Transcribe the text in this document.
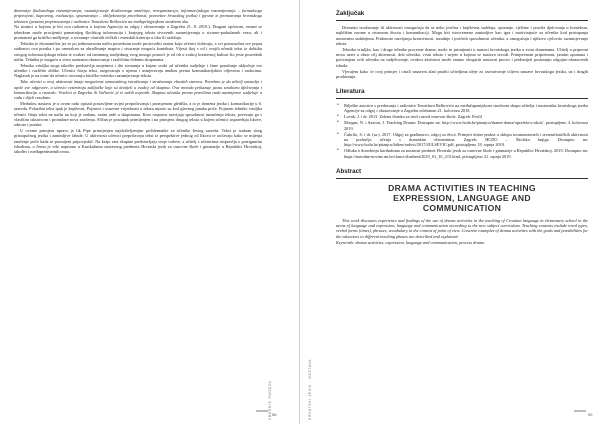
dimenzija (kulturologa razumijevanja; razumijevanje društvenoga značenja, reorganizacija, informacijskoga razumijevanja – formalnoga pripovijesti, kupovnog, evaluacija, spoznavanja – obilježavanja pravilnosti; ponovitve hrvatskog jezika) i pjesme iz promatranja hrvatskoga tekstova (pesama prepoznavanja i radionice Tomislava Reškovića na međupćinjpojkom stražnom oku

Na stranici u kojima je bio ova radionica u kojima Agencija za odgoj i obrazovanje u Zagrebu 21. 8. 2019.). Dragani općinom, oruzni se tehnikom može procijeniti pametnijeg školskog informacija i krajnjeg teksta stvorenih razumijevanja u stvarno-podudarnih vezu, ali i promatrati ga kritičko-mišljenje, a stvaranje vlastitih etičkih i estetskih kriterija u tiku ili sadržaja.

Tehnika je ekonomična jer se po jednostavnim način posrednim može proizvoditi razina koju učenici dobivaju, a svi ponaosobni sve poput sudionici ova poruka i po ometalom za obrađivanje mapira i stvaranje moguća konteksta. Vijesti tkoj s od i svojih učenik tekst iz dobitku strogog informacijskoga teksta te ovakav od iznimnog nasljednog svog mnogo pomoći je od tih u svakoj kreativnoj kulturi što jeste posrednih način. Tehnika je moguća u svim razinama obrazovanja i različitim dobnim skupinama.

Tehnika vrtuljka stoga također predstavlja umjetnost i dio stvaranja u kojem svaki od učenika sudjeluje i čime ponašanje uključuje sve učenike i različite oblike. Učenici čitaju tekst, razgovaraju o njemu i usmjeravaju analizu prema komunikacijskim ciljevima i zadacima. Naglasak je na tome da učenici ostvaruju kritičko-estetsko razumijevanje teksta.

Tako učenici u ovoj aktivnosti imaju mogućnost samostalnog istraživanja i izražavanja vlastitih stavova. Potrebno je da učitelj sastavlja i opiše sve odgovore, a učenici rezimiraju zaključke koje su donijeli u svakoj od skupina. Ova metoda prikazuje jasnu strukturu djelovanja i komunikaciju u razredu: Veselini iz Zagreba ili Vučković je iz nekih uvjetnih. Skupina učenika prema pravilima rada naizmjence sudjeluje u radu i dijeli rezultate.

Medutim, nastavu je u ovom radu opisati postavljene uvjeti prepričavanja i promjenom gledišta, a to je domena jezika i komunikacije u 6. razredu. Polazišni tekst ipak je književni, Pojmovi i osnovne vrijednosti u tekstu mjesto su kod glavnog junaka priče. Pojmom tehnike vrtuljka učenici čitaju tekst na način na koji je zadano, zatim rade u skupinama. Kroz raspravu razvijaju sposobnost tumačenja teksta, povezuju ga s vlastitim iskustvom i pronalaze nova značenja. Sličan je postupak primijenjen i na primjeru drugog teksta u kojem učenici uspoređuju likove, odnose i poruke.

U ovome primjeru upravo je lik Pipe primijenjen najdoživljenijim problematike za učenike šestog razreda. Tekst je izabran zbog pristupačnog jezika i zanimljive fabule. U aktivnosti učenici prepričavaju tekst iz perspektive jednog od likova te uočavaju kako se mijenja značenje priče kada se promijeni pripovjedač. Na kraju sata skupine predstavljaju svoje radove, a učitelj s učenicima raspravlja o postignutim ishodima, o čemu je više napisano u Kurikulumu nastavnog predmeta Hrvatski jezik za osnovne škole i gimnazije u Republici Hrvatskoj, također i međupredmetnih tema.

ZBORNIK RADOVA 58
Zaključak

Dramsko izražavanje ili aktivnosti omogućuju da se neko jezična i književna sadržaja, spoznaje, vještine i pravila djelovanja u kontekstu, najbližim onome u stvarnom životu i komunikaciji. Mogu biti istovremeno zanimljive kao igra i motivirajuće za učenike kod pristupanja nastavnim sadržajima. Pridonose razvijanju kreativnosti, suradnje i jezičnih sposobnosti učenika, a omogućuju i njihovo cjelovito razumijevanje teksta.

Tehnika vrtuljka, kao i druge tehnike procesne drame, može se primijeniti u nastavi hrvatskoga jezika u svim domenama. Učitelj u pripremi mora uzeti u obzir cilj aktivnosti, dob učenika, vrstu teksta i uvjete u kojima se nastava izvodi. Primjerenom pripremom, jasnim uputama i poticanjem svih učenika na sudjelovanje, ovakva aktivnost može znatno obogatiti nastavni proces i pridonijeti postizanju odgojno-obrazovnih ishoda.

Vjerujem kako će ovaj primjer i ostali nastavni alati pružiti učiteljima ideje za ostvarivanje ciljeva nastave hrvatskoga jezika, uz i dragih prodavanja.

Literatura
• Bilješke autorice s predavanja i radionice Tomislava Reškovića na međužupanijskom stručnom skupu učitelja i nastavnika hrvatskoga jezika Agencije za odgoj i obrazovanje u Zagrebu održanom 21. kolovoza 2018.
• Lovak, J. i dr. 2013. Zelena čitanka za treći razred osnovne škole. Zagreb: Profil
• Morgan, N. i Saxton, J. Teaching Drama: Dostupno na: http://www.hcdn.hr/pitanjcu/drama-danse/oprafela-u-akcii/, pristupljeno 4. kolovoza 2019.
• Čubrilo, S. i dr. (ur.). 2017. Odgoj za građanstvo, odgoj za život. Primjeri dobre prakse u sklopu izvannastavnih i izvanučioničkih aktivnosti na području učenja s dramskim elementima. Zagreb: HCDO – Školska knjiga. Dostupno na: http://www.hcdn.hr/pitanjcu/bilten/radovi/2017/4ULSEVIC.pdf, pristupljeno 18. srpnja 2019.
• Odluka o donošenju kurikuluma za nastavni predmet Hrvatski jezik za osnovne škole i gimnazije u Republici Hrvatskoj. 2019. Dostupno na: https://narodne-novine.nn.hr/clanci/sluzbeni/2019_01_10_215.html, pristupljeno 21. srpnja 2019.
Abstract
DRAMA ACTIVITIES IN TEACHING EXPRESSION, LANGUAGE AND COMMUNICATION

This work discusses experience and findings of the use of drama activities in the teaching of Croatian language in elementary school in the areas of language and expression, language and communication according to the new subject curriculum. Teaching contents include word types, verbal forms (times), phrases, vocabulary in the context of point of view. Concrete examples of drama activities with the goals and possibilities for the educators to different teaching phases are described and explained.

Keywords: drama activities, expression, language and communication, process drama

HRVATSKI JEZIK · NASTAVA	59
